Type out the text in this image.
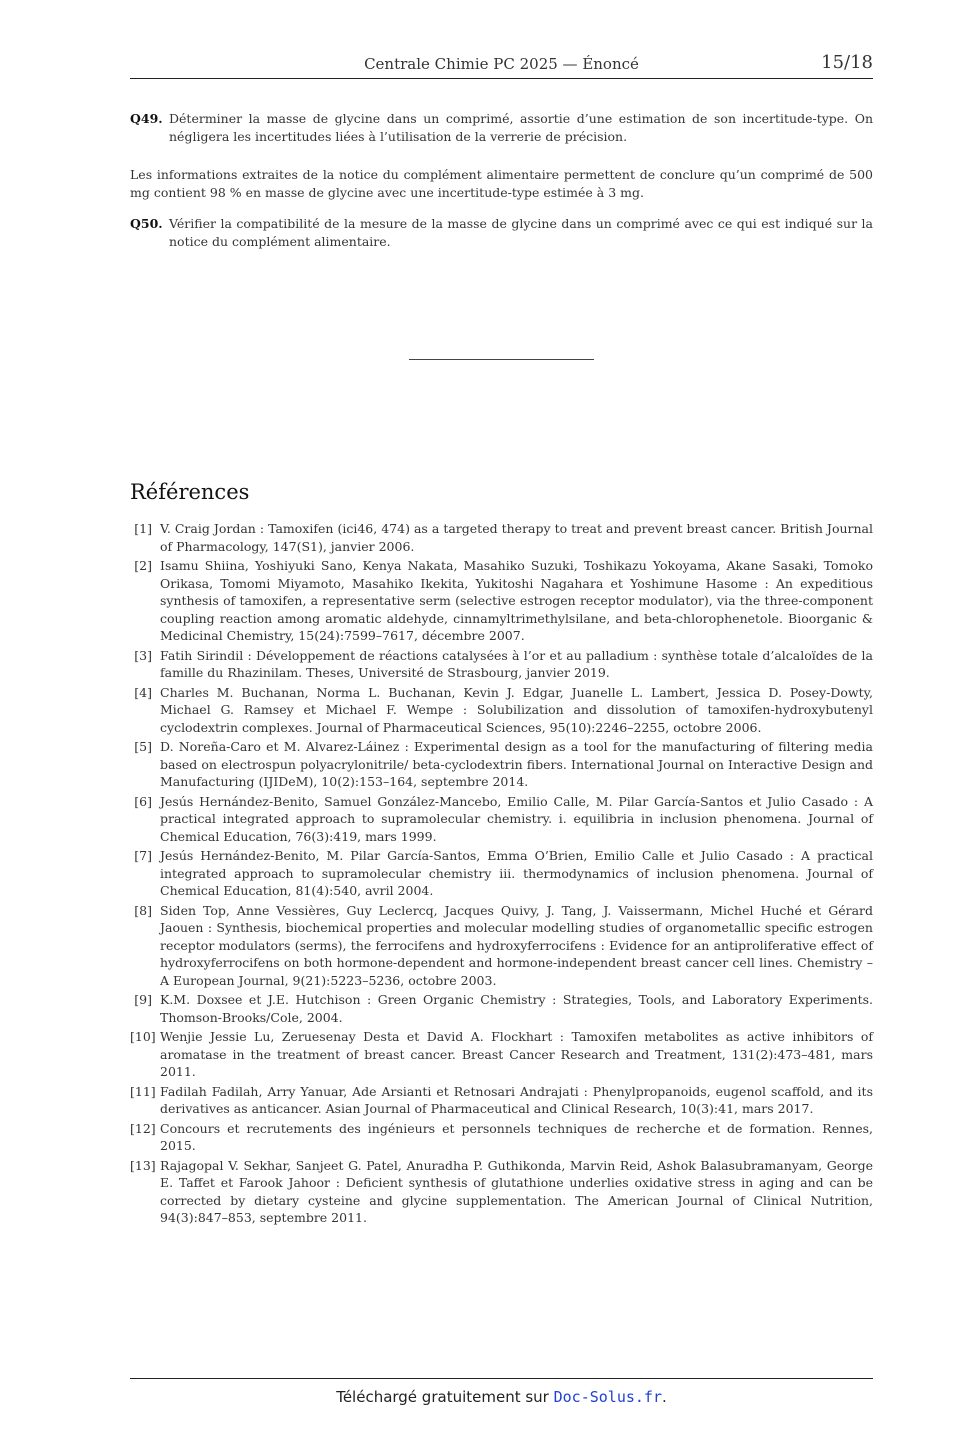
Centrale Chimie PC 2025 — Énoncé	15/18
Q49. Déterminer la masse de glycine dans un comprimé, assortie d’une estimation de son incertitude-type. On négligera les incertitudes liées à l’utilisation de la verrerie de précision.
Les informations extraites de la notice du complément alimentaire permettent de conclure qu’un comprimé de 500 mg contient 98 % en masse de glycine avec une incertitude-type estimée à 3 mg.
Q50. Vérifier la compatibilité de la mesure de la masse de glycine dans un comprimé avec ce qui est indiqué sur la notice du complément alimentaire.
Références
[1] V. Craig Jordan : Tamoxifen (ici46, 474) as a targeted therapy to treat and prevent breast cancer. British Journal of Pharmacology, 147(S1), janvier 2006.
[2] Isamu Shiina, Yoshiyuki Sano, Kenya Nakata, Masahiko Suzuki, Toshikazu Yokoyama, Akane Sasaki, Tomoko Orikasa, Tomomi Miyamoto, Masahiko Ikekita, Yukitoshi Nagahara et Yoshimune Hasome : An expeditious synthesis of tamoxifen, a representative serm (selective estrogen receptor modulator), via the three-component coupling reaction among aromatic aldehyde, cinnamyltrimethylsilane, and beta-chlorophenetole. Bioorganic & Medicinal Chemistry, 15(24):7599–7617, décembre 2007.
[3] Fatih Sirindil : Développement de réactions catalysées à l’or et au palladium : synthèse totale d’alcaloïdes de la famille du Rhazinilam. Theses, Université de Strasbourg, janvier 2019.
[4] Charles M. Buchanan, Norma L. Buchanan, Kevin J. Edgar, Juanelle L. Lambert, Jessica D. Posey-Dowty, Michael G. Ramsey et Michael F. Wempe : Solubilization and dissolution of tamoxifen-hydroxybutenyl cyclodextrin complexes. Journal of Pharmaceutical Sciences, 95(10):2246–2255, octobre 2006.
[5] D. Noreña-Caro et M. Alvarez-Láinez : Experimental design as a tool for the manufacturing of filtering media based on electrospun polyacrylonitrile/ beta-cyclodextrin fibers. International Journal on Interactive Design and Manufacturing (IJIDeM), 10(2):153–164, septembre 2014.
[6] Jesús Hernández-Benito, Samuel González-Mancebo, Emilio Calle, M. Pilar García-Santos et Julio Casado : A practical integrated approach to supramolecular chemistry. i. equilibria in inclusion phenomena. Journal of Chemical Education, 76(3):419, mars 1999.
[7] Jesús Hernández-Benito, M. Pilar García-Santos, Emma O’Brien, Emilio Calle et Julio Casado : A practical integrated approach to supramolecular chemistry iii. thermodynamics of inclusion phenomena. Journal of Chemical Education, 81(4):540, avril 2004.
[8] Siden Top, Anne Vessières, Guy Leclercq, Jacques Quivy, J. Tang, J. Vaissermann, Michel Huché et Gérard Jaouen : Synthesis, biochemical properties and molecular modelling studies of organometallic specific estrogen receptor modulators (serms), the ferrocifens and hydroxyferrocifens : Evidence for an antiproliferative effect of hydroxyferrocifens on both hormone-dependent and hormone-independent breast cancer cell lines. Chemistry – A European Journal, 9(21):5223–5236, octobre 2003.
[9] K.M. Doxsee et J.E. Hutchison : Green Organic Chemistry : Strategies, Tools, and Laboratory Experiments. Thomson-Brooks/Cole, 2004.
[10] Wenjie Jessie Lu, Zeruesenay Desta et David A. Flockhart : Tamoxifen metabolites as active inhibitors of aromatase in the treatment of breast cancer. Breast Cancer Research and Treatment, 131(2):473–481, mars 2011.
[11] Fadilah Fadilah, Arry Yanuar, Ade Arsianti et Retnosari Andrajati : Phenylpropanoids, eugenol scaffold, and its derivatives as anticancer. Asian Journal of Pharmaceutical and Clinical Research, 10(3):41, mars 2017.
[12] Concours et recrutements des ingénieurs et personnels techniques de recherche et de formation. Rennes, 2015.
[13] Rajagopal V. Sekhar, Sanjeet G. Patel, Anuradha P. Guthikonda, Marvin Reid, Ashok Balasubramanyam, George E. Taffet et Farook Jahoor : Deficient synthesis of glutathione underlies oxidative stress in aging and can be corrected by dietary cysteine and glycine supplementation. The American Journal of Clinical Nutrition, 94(3):847–853, septembre 2011.
Téléchargé gratuitement sur Doc-Solus.fr.
